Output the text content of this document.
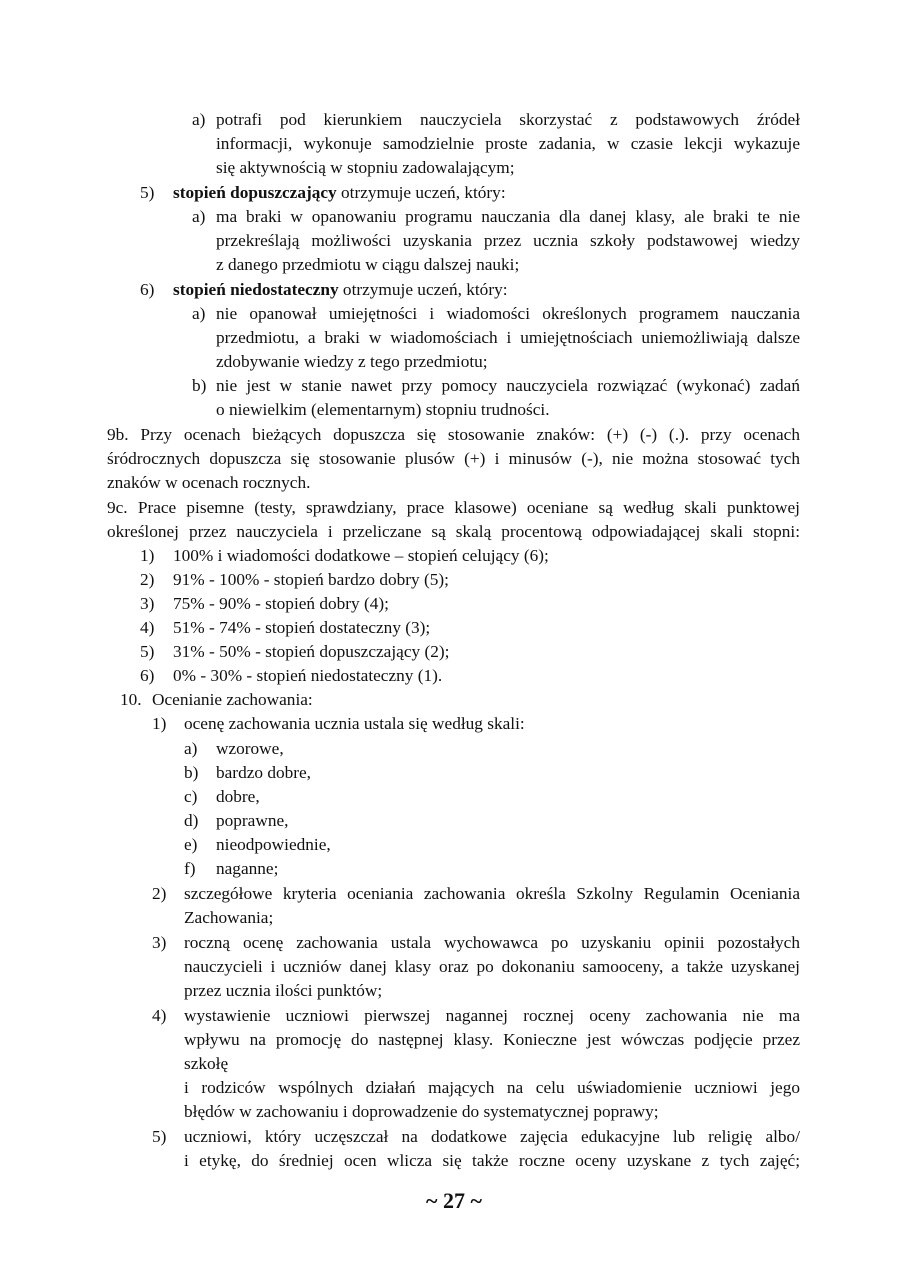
a) potrafi pod kierunkiem nauczyciela skorzystać z podstawowych źródeł
informacji, wykonuje samodzielnie proste zadania, w czasie lekcji wykazuje
się aktywnością w stopniu zadowalającym;
5) stopień dopuszczający otrzymuje uczeń, który:
a) ma braki w opanowaniu programu nauczania dla danej klasy, ale braki te nie
przekreślają możliwości uzyskania przez ucznia szkoły podstawowej wiedzy
z danego przedmiotu w ciągu dalszej nauki;
6) stopień niedostateczny otrzymuje uczeń, który:
a) nie opanował umiejętności i wiadomości określonych programem nauczania
przedmiotu, a braki w wiadomościach i umiejętnościach uniemożliwiają dalsze
zdobywanie wiedzy z tego przedmiotu;
b) nie jest w stanie nawet przy pomocy nauczyciela rozwiązać (wykonać) zadań
o niewielkim (elementarnym) stopniu trudności.
9b. Przy ocenach bieżących dopuszcza się stosowanie znaków: (+) (-) (.). przy ocenach
śródrocznych dopuszcza się stosowanie plusów (+) i minusów (-), nie można stosować tych
znaków w ocenach rocznych.
9c. Prace pisemne (testy, sprawdziany, prace klasowe) oceniane są według skali punktowej
określonej przez nauczyciela i przeliczane są skalą procentową odpowiadającej skali stopni:
1) 100% i wiadomości dodatkowe – stopień celujący (6);
2) 91% - 100% - stopień bardzo dobry (5);
3) 75% - 90% - stopień dobry (4);
4) 51% - 74% - stopień dostateczny (3);
5) 31% - 50% - stopień dopuszczający (2);
6) 0% - 30% - stopień niedostateczny (1).
10. Ocenianie zachowania:
1) ocenę zachowania ucznia ustala się według skali:
a) wzorowe,
b) bardzo dobre,
c) dobre,
d) poprawne,
e) nieodpowiednie,
f) naganne;
2) szczegółowe kryteria oceniania zachowania określa Szkolny Regulamin Oceniania
Zachowania;
3) roczną ocenę zachowania ustala wychowawca po uzyskaniu opinii pozostałych
nauczycieli i uczniów danej klasy oraz po dokonaniu samooceny, a także uzyskanej
przez ucznia ilości punktów;
4) wystawienie uczniowi pierwszej nagannej rocznej oceny zachowania nie ma
wpływu na promocję do następnej klasy. Konieczne jest wówczas podjęcie przez
szkołę
i rodziców wspólnych działań mających na celu uświadomienie uczniowi jego
błędów w zachowaniu i doprowadzenie do systematycznej poprawy;
5) uczniowi, który uczęszczał na dodatkowe zajęcia edukacyjne lub religię albo/
i etykę, do średniej ocen wlicza się także roczne oceny uzyskane z tych zajęć;
~ 27 ~
